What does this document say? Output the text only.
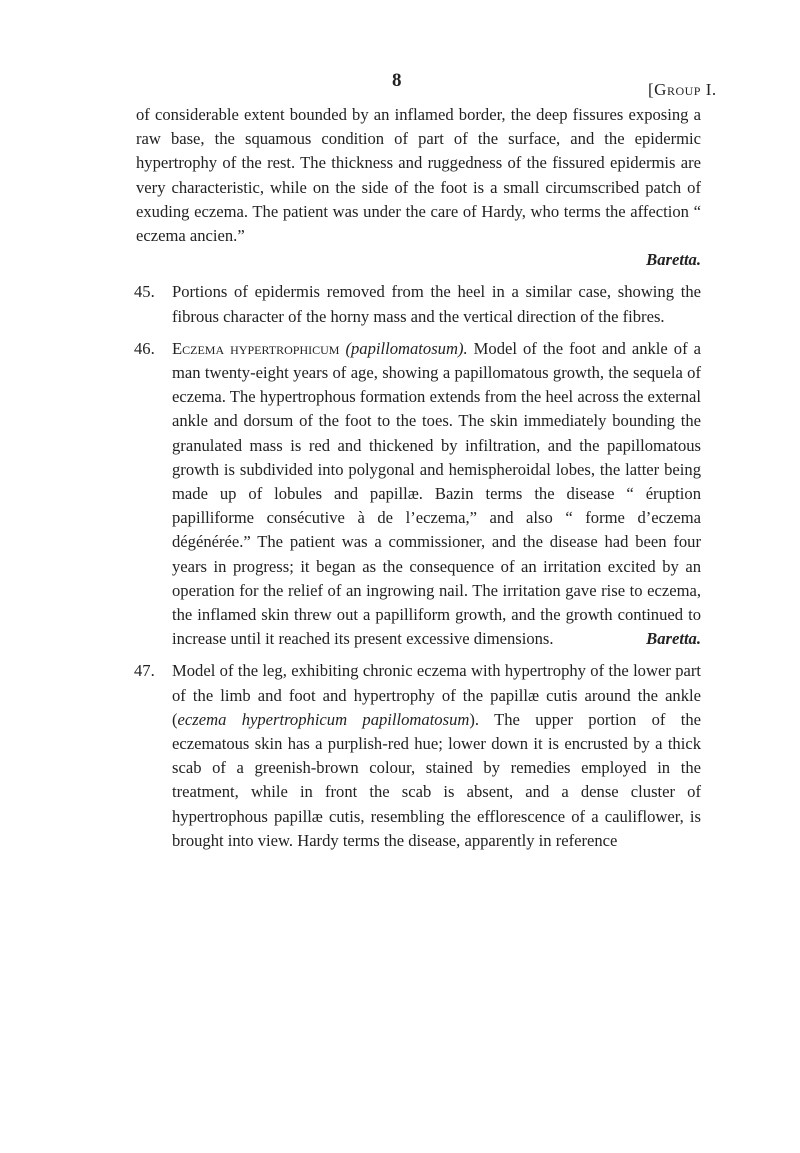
8	[Group I.

of considerable extent bounded by an inflamed border, the deep fissures exposing a raw base, the squamous condition of part of the surface, and the epidermic hypertrophy of the rest. The thickness and ruggedness of the fissured epidermis are very characteristic, while on the side of the foot is a small circumscribed patch of exuding eczema. The patient was under the care of Hardy, who terms the affection “ eczema ancien.”
Baretta.

45. Portions of epidermis removed from the heel in a similar case, showing the fibrous character of the horny mass and the vertical direction of the fibres.

46. Eczema hypertrophicum (papillomatosum). Model of the foot and ankle of a man twenty-eight years of age, showing a papillomatous growth, the sequela of eczema. The hypertrophous formation extends from the heel across the external ankle and dorsum of the foot to the toes. The skin immediately bounding the granulated mass is red and thickened by infiltration, and the papillomatous growth is subdivided into polygonal and hemispheroidal lobes, the latter being made up of lobules and papillæ. Bazin terms the disease “ éruption papilliforme consécutive à de l’eczema,” and also “ forme d’eczema dégénérée.” The patient was a commissioner, and the disease had been four years in progress; it began as the consequence of an irritation excited by an operation for the relief of an ingrowing nail. The irritation gave rise to eczema, the inflamed skin threw out a papilliform growth, and the growth continued to increase until it reached its present excessive dimensions.	Baretta.

47. Model of the leg, exhibiting chronic eczema with hypertrophy of the lower part of the limb and foot and hypertrophy of the papillæ cutis around the ankle (eczema hypertrophicum papillomatosum). The upper portion of the eczematous skin has a purplish-red hue; lower down it is encrusted by a thick scab of a greenish-brown colour, stained by remedies employed in the treatment, while in front the scab is absent, and a dense cluster of hypertrophous papillæ cutis, resembling the efflorescence of a cauliflower, is brought into view. Hardy terms the disease, apparently in reference
